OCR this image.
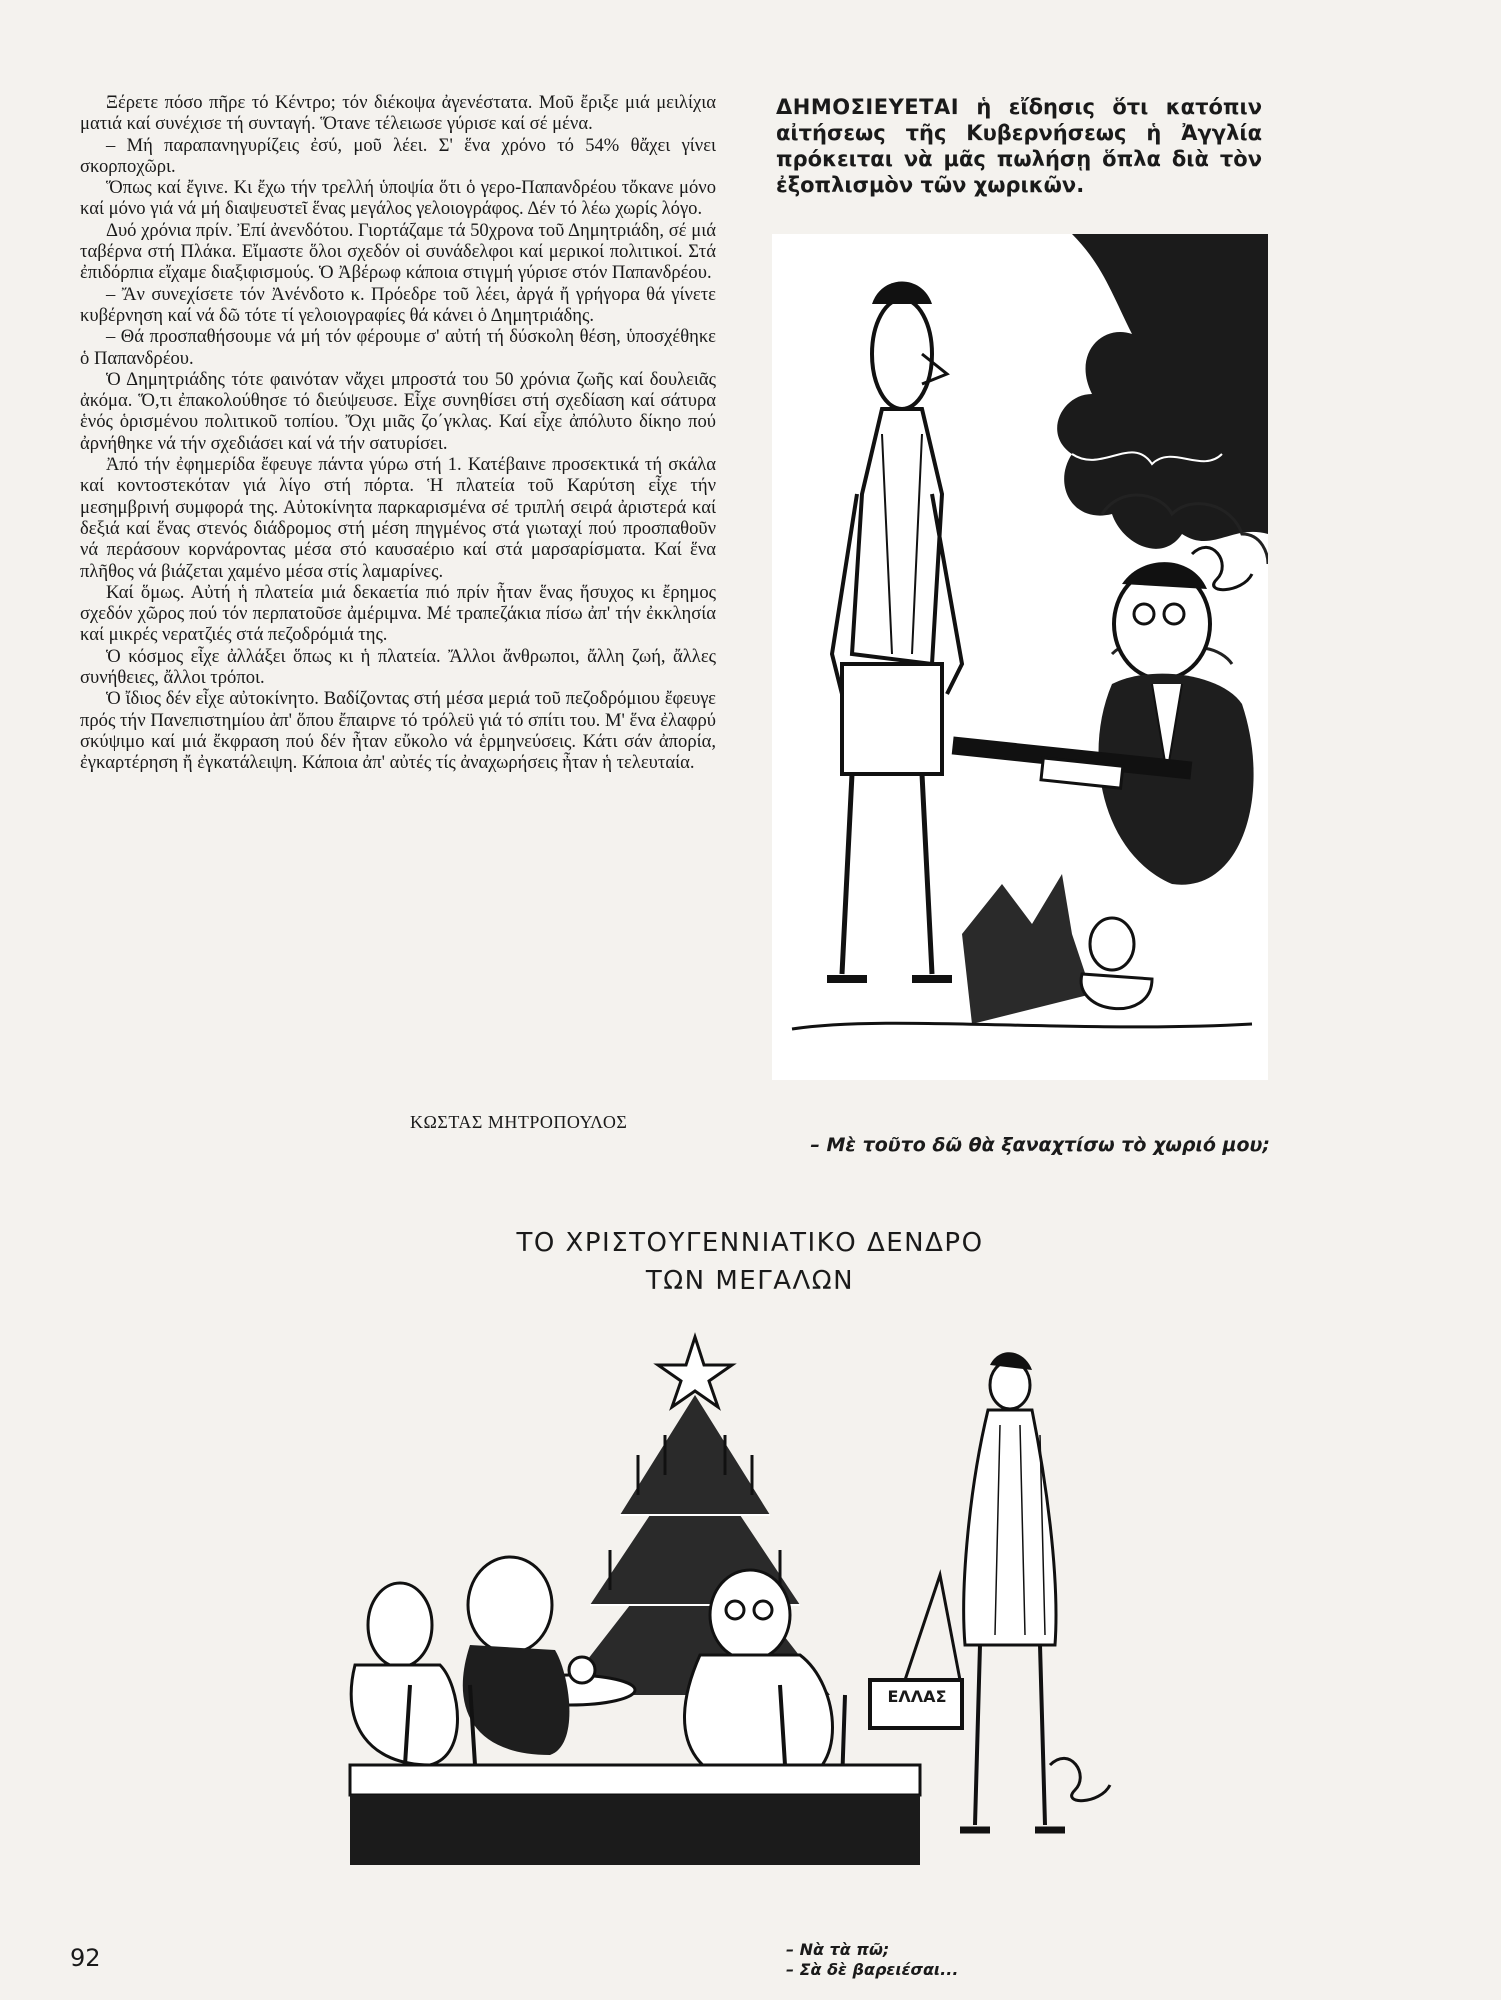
Ξέρετε πόσο πῆρε τό Κέντρο; τόν διέκοψα ἀγενέστατα. Μοῦ ἔριξε μιά μειλίχια ματιά καί συνέχισε τή συνταγή. Ὅτανε τέλειωσε γύρισε καί σέ μένα.

– Μή παραπανηγυρίζεις ἐσύ, μοῦ λέει. Σ' ἕνα χρόνο τό 54% θἄχει γίνει σκορποχῶρι.

Ὅπως καί ἔγινε. Κι ἔχω τήν τρελλή ὑποψία ὅτι ὁ γερο-Παπανδρέου τὄκανε μόνο καί μόνο γιά νά μή διαψευστεῖ ἕνας μεγάλος γελοιογράφος. Δέν τό λέω χωρίς λόγο.

Δυό χρόνια πρίν. Ἐπί ἀνενδότου. Γιορτάζαμε τά 50χρονα τοῦ Δημητριάδη, σέ μιά ταβέρνα στή Πλάκα. Εἴμαστε ὅλοι σχεδόν οἱ συνάδελφοι καί μερικοί πολιτικοί. Στά ἐπιδόρπια εἴχαμε διαξιφισμούς. Ὁ Ἀβέρωφ κάποια στιγμή γύρισε στόν Παπανδρέου.

– Ἄν συνεχίσετε τόν Ἀνένδοτο κ. Πρόεδρε τοῦ λέει, ἀργά ἤ γρήγορα θά γίνετε κυβέρνηση καί νά δῶ τότε τί γελοιογραφίες θά κάνει ὁ Δημητριάδης.

– Θά προσπαθήσουμε νά μή τόν φέρουμε σ' αὐτή τή δύσκολη θέση, ὑποσχέθηκε ὁ Παπανδρέου.

Ὁ Δημητριάδης τότε φαινόταν νἄχει μπροστά του 50 χρόνια ζωῆς καί δουλειᾶς ἀκόμα. Ὅ,τι ἐπακολούθησε τό διεύψευσε. Εἶχε συνηθίσει στή σχεδίαση καί σάτυρα ἑνός ὁρισμένου πολιτικοῦ τοπίου. Ὄχι μιᾶς ζο΄γκλας. Καί εἶχε ἀπόλυτο δίκηο πού ἀρνήθηκε νά τήν σχεδιάσει καί νά τήν σατυρίσει.

Ἀπό τήν ἐφημερίδα ἔφευγε πάντα γύρω στή 1. Κατέβαινε προσεκτικά τή σκάλα καί κοντοστεκόταν γιά λίγο στή πόρτα. Ἡ πλατεία τοῦ Καρύτση εἶχε τήν μεσημβρινή συμφορά της. Αὐτοκίνητα παρκαρισμένα σέ τριπλή σειρά ἀριστερά καί δεξιά καί ἕνας στενός διάδρομος στή μέση πηγμένος στά γιωταχί πού προσπαθοῦν νά περάσουν κορνάροντας μέσα στό καυσαέριο καί στά μαρσαρίσματα. Καί ἕνα πλῆθος νά βιάζεται χαμένο μέσα στίς λαμαρίνες.

Καί ὅμως. Αὐτή ἡ πλατεία μιά δεκαετία πιό πρίν ἦταν ἕνας ἥσυχος κι ἔρημος σχεδόν χῶρος πού τόν περπατοῦσε ἀμέριμνα. Μέ τραπεζάκια πίσω ἀπ' τήν ἐκκλησία καί μικρές νερατζιές στά πεζοδρόμιά της.

Ὁ κόσμος εἶχε ἀλλάξει ὅπως κι ἡ πλατεία. Ἄλλοι ἄνθρωποι, ἄλλη ζωή, ἄλλες συνήθειες, ἄλλοι τρόποι.

Ὁ ἴδιος δέν εἶχε αὐτοκίνητο. Βαδίζοντας στή μέσα μεριά τοῦ πεζοδρόμιου ἔφευγε πρός τήν Πανεπιστημίου ἀπ' ὅπου ἔπαιρνε τό τρόλεϋ γιά τό σπίτι του. Μ' ἕνα ἐλαφρύ σκύψιμο καί μιά ἔκφραση πού δέν ἦταν εὔκολο νά ἑρμηνεύσεις. Κάτι σάν ἀπορία, ἐγκαρτέρηση ἤ ἐγκατάλειψη. Κάποια ἀπ' αὐτές τίς ἀναχωρήσεις ἦταν ἡ τελευταία.

ΚΩΣΤΑΣ ΜΗΤΡΟΠΟΥΛΟΣ
ΔΗΜΟΣΙΕΥΕΤΑΙ ἡ εἴδησις ὅτι κατόπιν αἰτήσεως τῆς Κυβερνήσεως ἡ Ἀγγλία πρόκειται νὰ μᾶς πωλήσῃ ὅπλα διὰ τὸν ἐξοπλισμὸν τῶν χωρικῶν.
– Μὲ τοῦτο δῶ θὰ ξαναχτίσω τὸ χωριό μου;
ΤΟ ΧΡΙΣΤΟΥΓΕΝΝΙΑΤΙΚΟ ΔΕΝΔΡΟ
ΤΩΝ ΜΕΓΑΛΩΝ
ΕΛΛΑΣ
– Νὰ τὰ πῶ;
– Σὰ δὲ βαρειέσαι...
92
